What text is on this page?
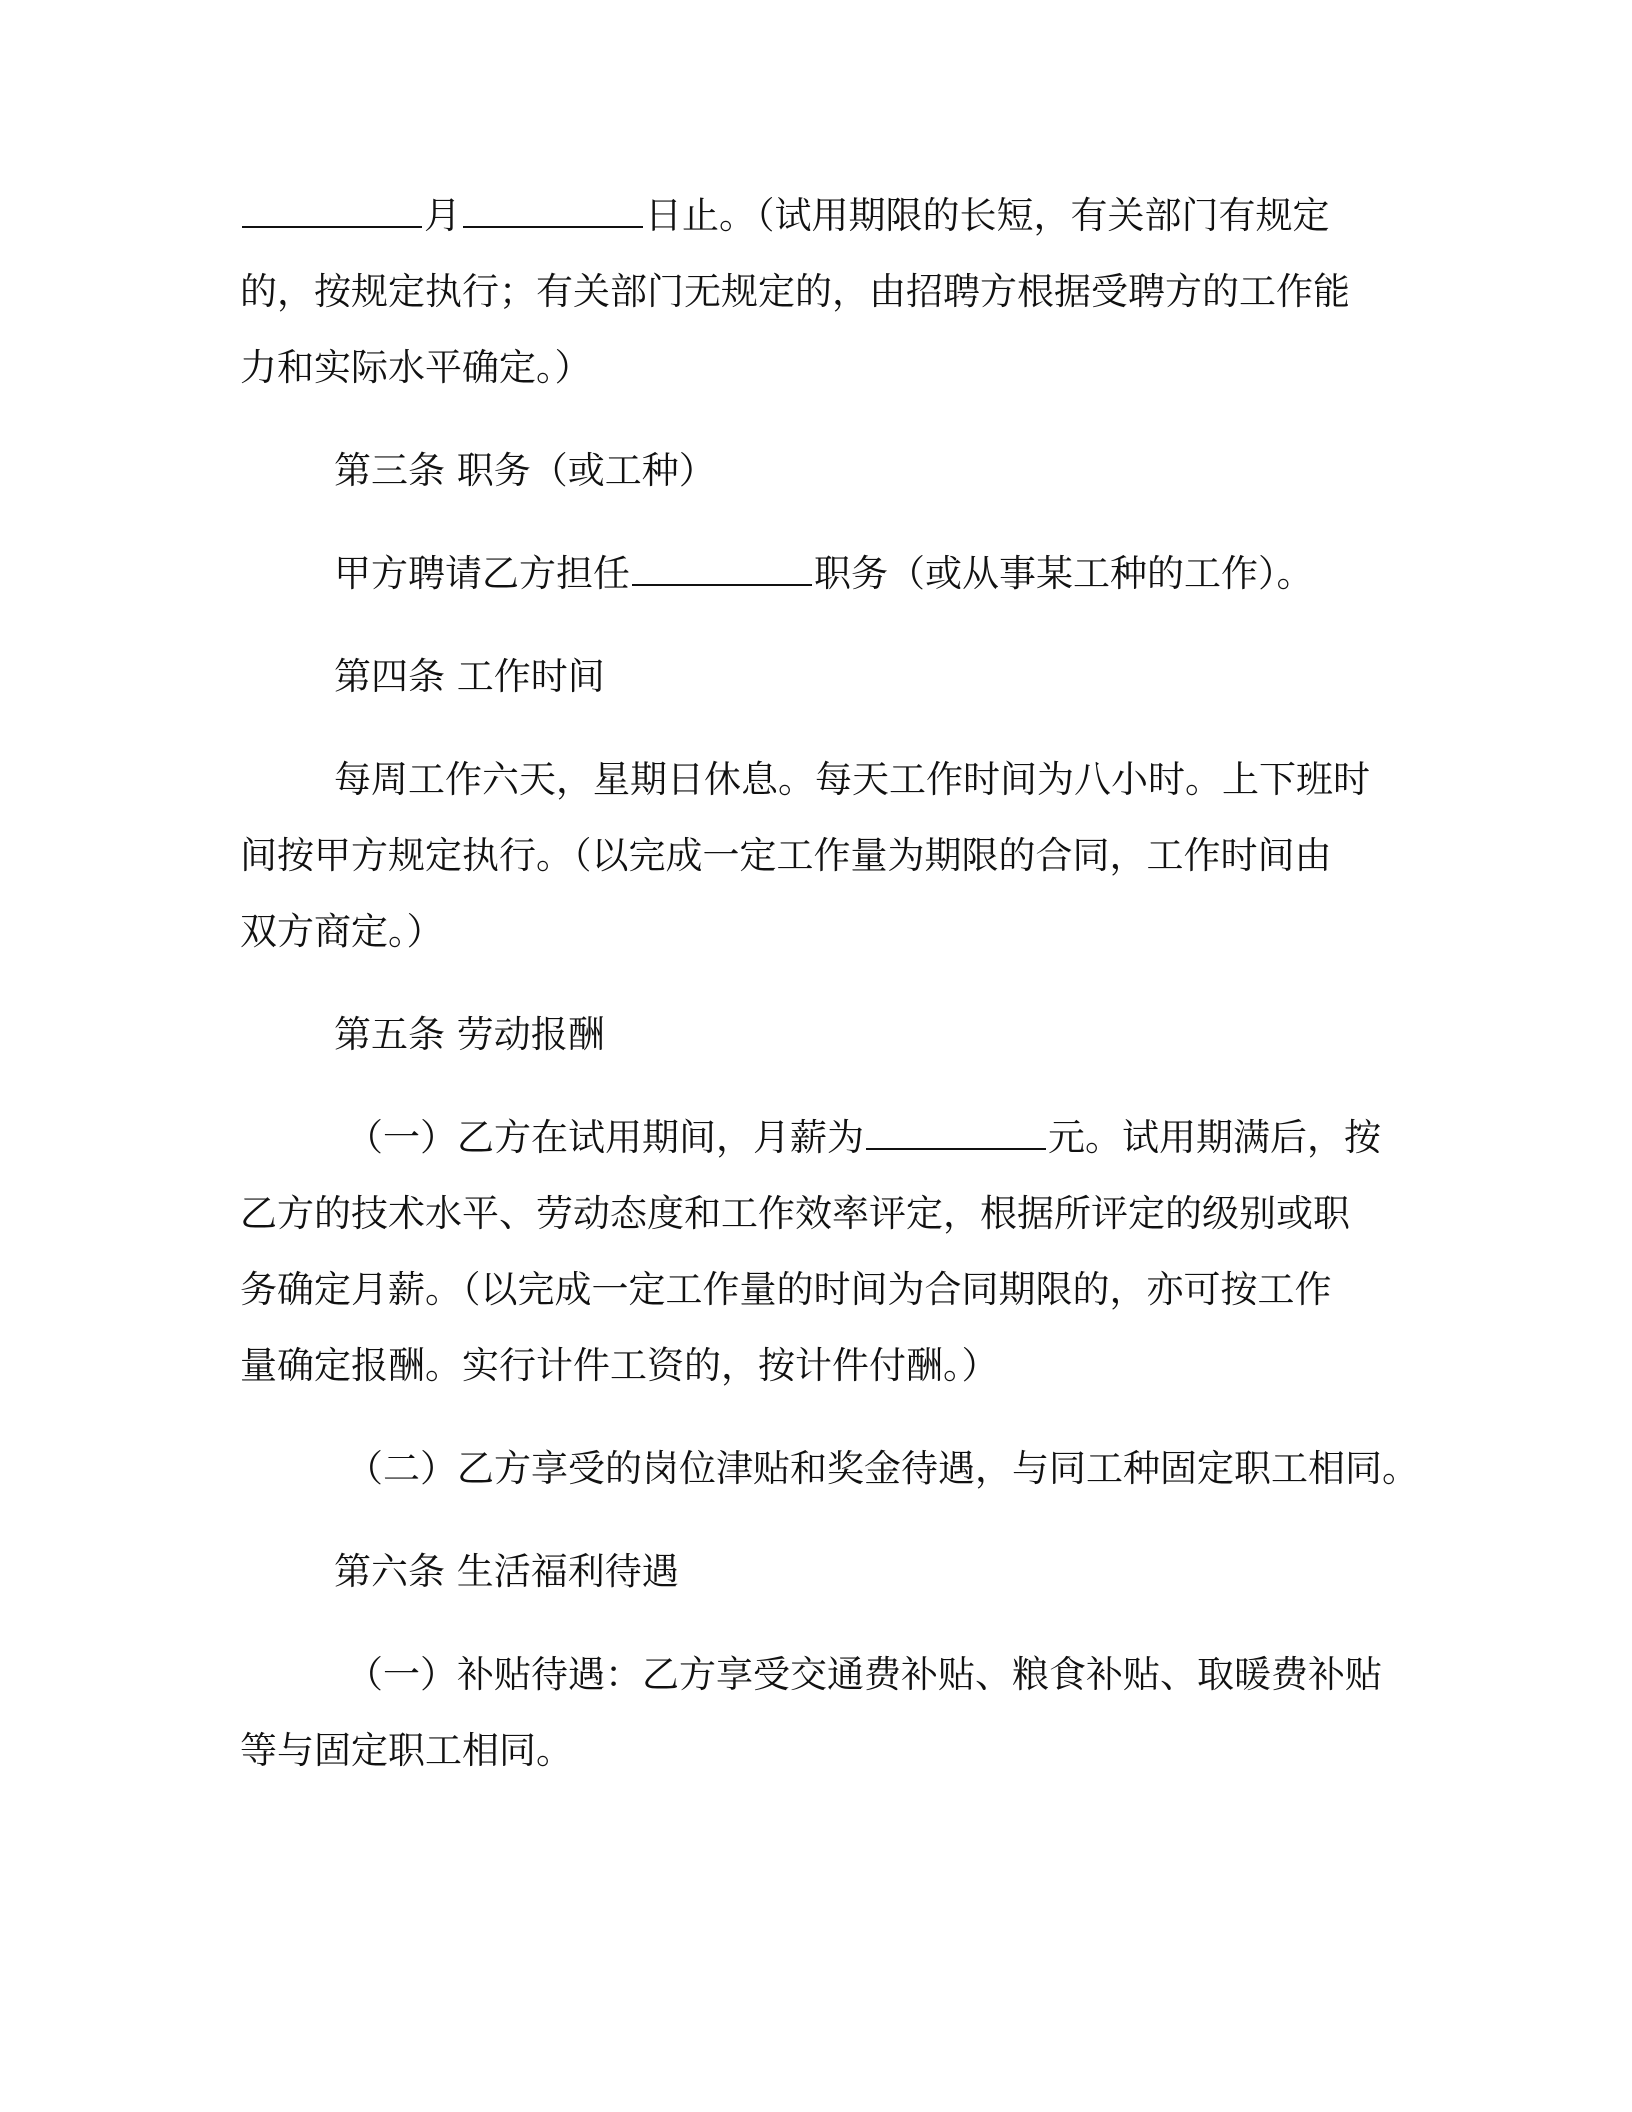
月	日止。（试用期限的长短，有关部门有规定
的，按规定执行；有关部门无规定的，由招聘方根据受聘方的工作能
力和实际水平确定。）
第三条 职务（或工种）
甲方聘请乙方担任	职务（或从事某工种的工作）。
第四条 工作时间
每周工作六天，星期日休息。每天工作时间为八小时。上下班时
间按甲方规定执行。（以完成一定工作量为期限的合同，工作时间由
双方商定。）
第五条 劳动报酬
（一）乙方在试用期间，月薪为	元。试用期满后，按
乙方的技术水平、劳动态度和工作效率评定，根据所评定的级别或职
务确定月薪。（以完成一定工作量的时间为合同期限的，亦可按工作
量确定报酬。实行计件工资的，按计件付酬。）
（二）乙方享受的岗位津贴和奖金待遇，与同工种固定职工相同。
第六条 生活福利待遇
（一）补贴待遇：乙方享受交通费补贴、粮食补贴、取暖费补贴
等与固定职工相同。
